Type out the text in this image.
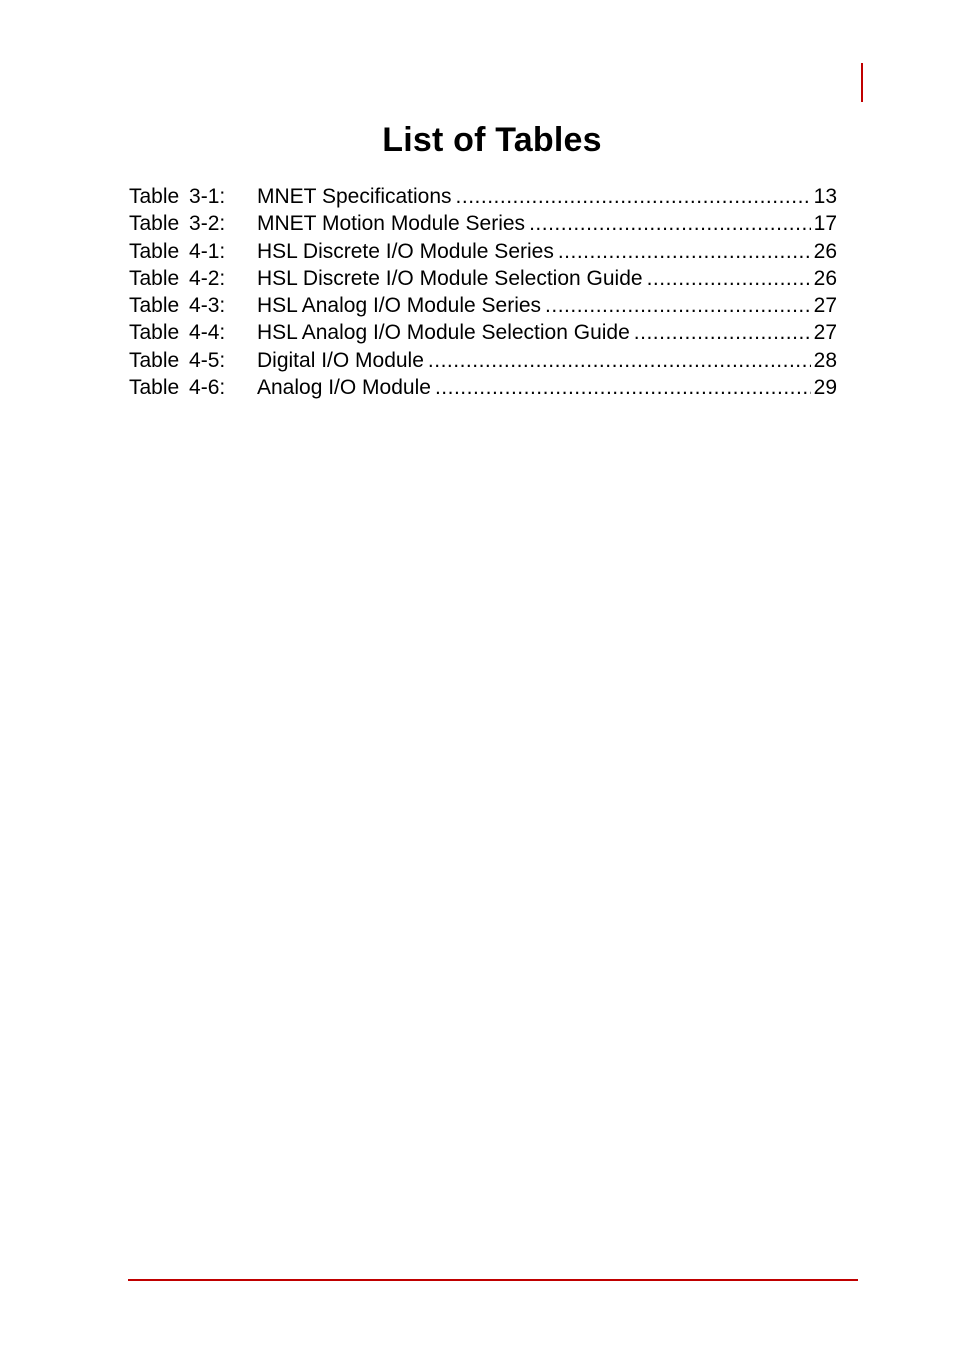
List of Tables
Table 3-1:	MNET Specifications .....	13
Table 3-2:	MNET Motion Module Series .....	17
Table 4-1:	HSL Discrete I/O Module Series .....	26
Table 4-2:	HSL Discrete I/O Module Selection Guide .....	26
Table 4-3:	HSL Analog I/O Module Series .....	27
Table 4-4:	HSL Analog I/O Module Selection Guide .....	27
Table 4-5:	Digital I/O Module .....	28
Table 4-6:	Analog I/O Module .....	29
